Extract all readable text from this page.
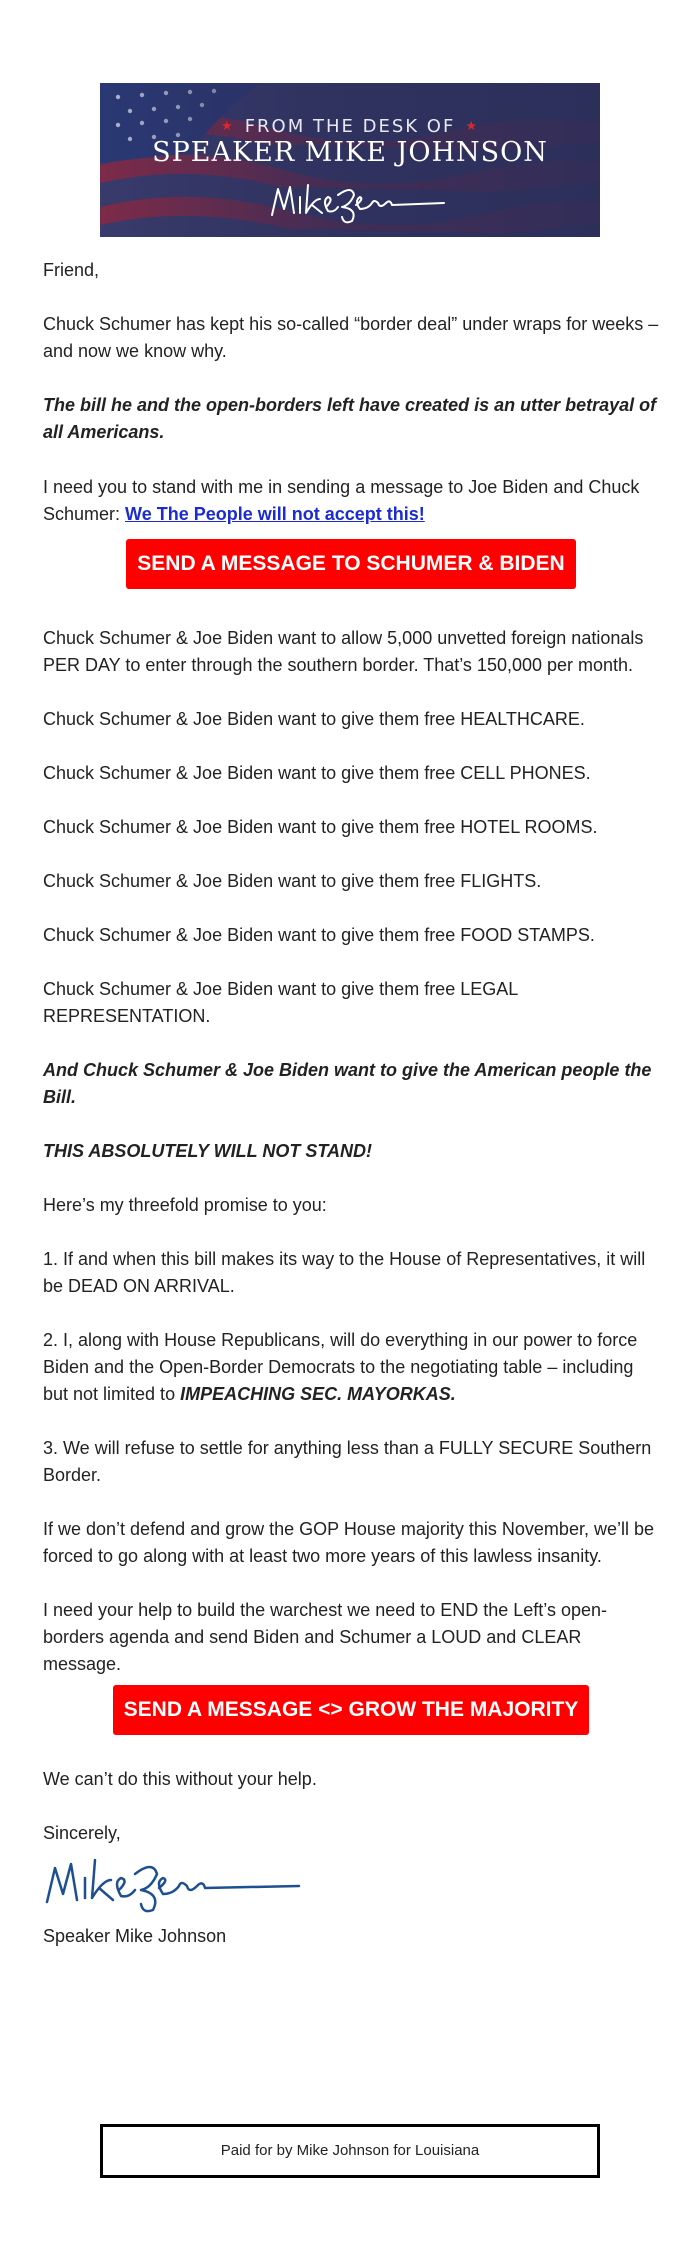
★ FROM THE DESK OF ★
SPEAKER MIKE JOHNSON

Friend,

Chuck Schumer has kept his so-called “border deal” under wraps for weeks – and now we know why.

The bill he and the open-borders left have created is an utter betrayal of all Americans.

I need you to stand with me in sending a message to Joe Biden and Chuck Schumer: We The People will not accept this!

SEND A MESSAGE TO SCHUMER & BIDEN

Chuck Schumer & Joe Biden want to allow 5,000 unvetted foreign nationals PER DAY to enter through the southern border. That’s 150,000 per month.

Chuck Schumer & Joe Biden want to give them free HEALTHCARE.

Chuck Schumer & Joe Biden want to give them free CELL PHONES.

Chuck Schumer & Joe Biden want to give them free HOTEL ROOMS.

Chuck Schumer & Joe Biden want to give them free FLIGHTS.

Chuck Schumer & Joe Biden want to give them free FOOD STAMPS.

Chuck Schumer & Joe Biden want to give them free LEGAL REPRESENTATION.

And Chuck Schumer & Joe Biden want to give the American people the Bill.

THIS ABSOLUTELY WILL NOT STAND!

Here’s my threefold promise to you:

1. If and when this bill makes its way to the House of Representatives, it will be DEAD ON ARRIVAL.

2. I, along with House Republicans, will do everything in our power to force Biden and the Open-Border Democrats to the negotiating table – including but not limited to IMPEACHING SEC. MAYORKAS.

3. We will refuse to settle for anything less than a FULLY SECURE Southern Border.

If we don’t defend and grow the GOP House majority this November, we’ll be forced to go along with at least two more years of this lawless insanity.

I need your help to build the warchest we need to END the Left’s open-borders agenda and send Biden and Schumer a LOUD and CLEAR message.

SEND A MESSAGE <> GROW THE MAJORITY

We can’t do this without your help.

Sincerely,

Speaker Mike Johnson

Paid for by Mike Johnson for Louisiana
